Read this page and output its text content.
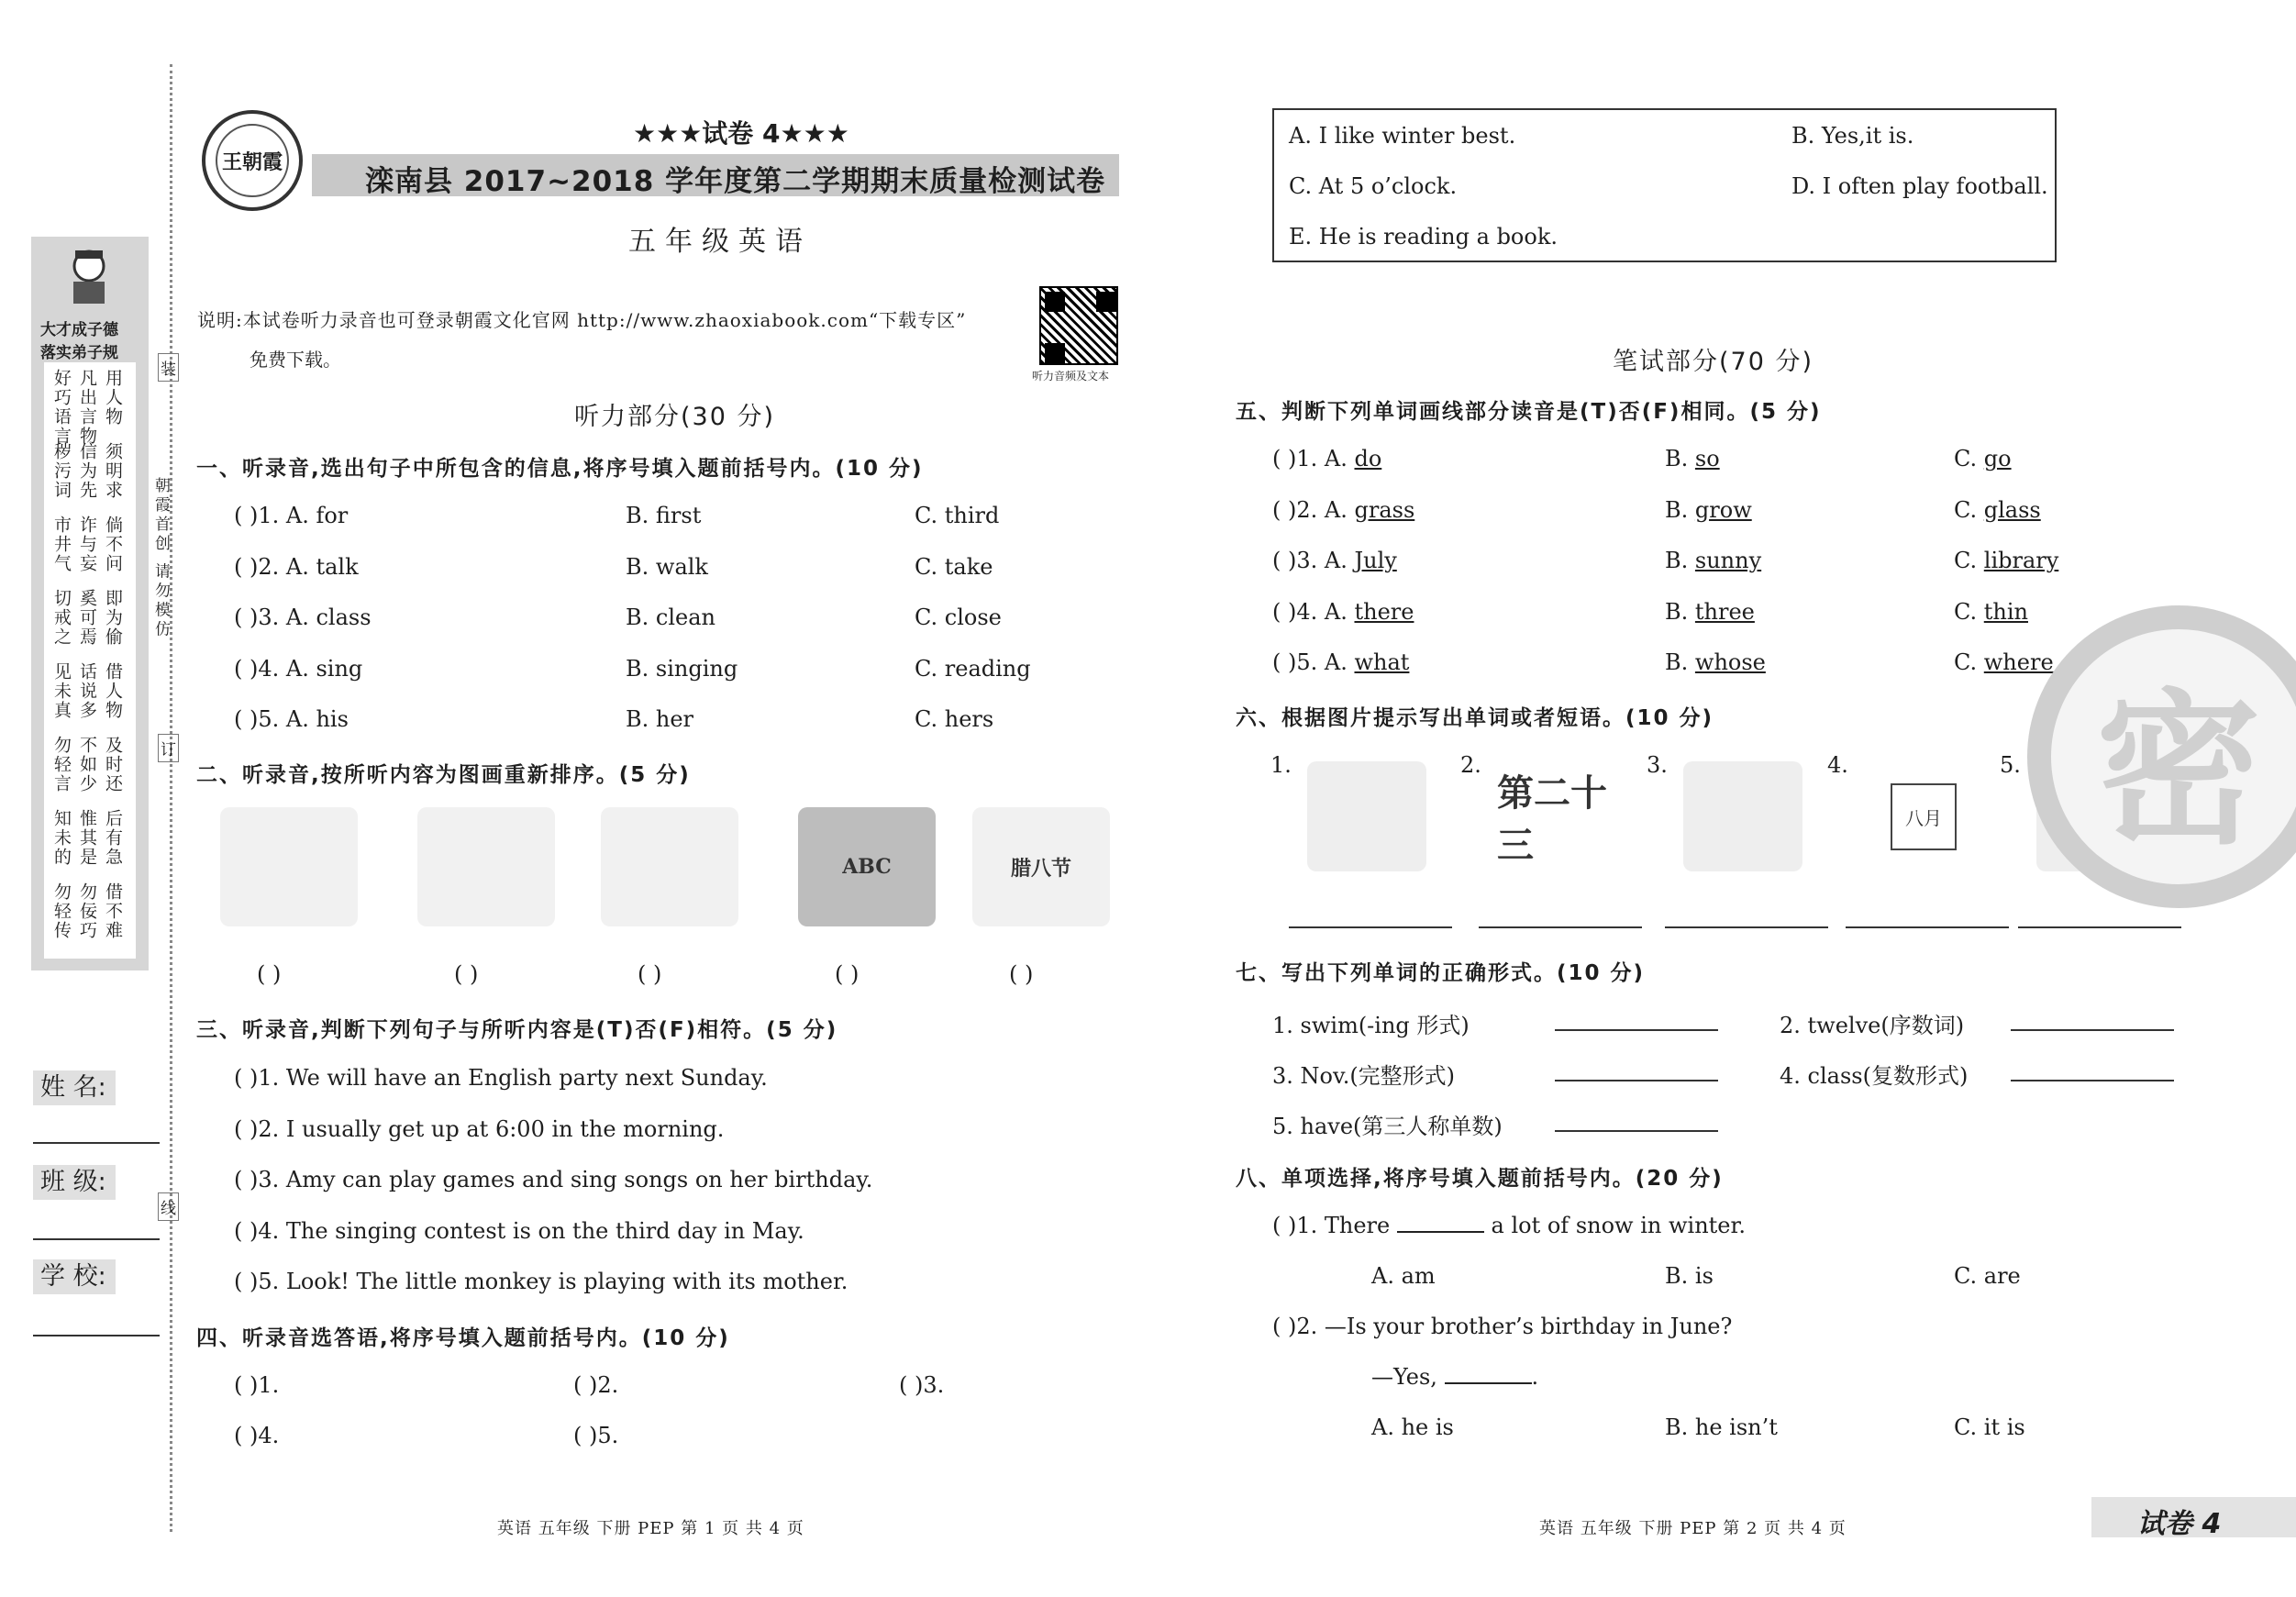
大才成子德
落实弟子规
好巧语言 凡出言物 用人物
秽污词 信为先 须明求
市井气 诈与妄 倘不问
切戒之 奚可焉 即为偷
见未真 话说多 借人物
勿轻言 不如少 及时还
知未的 惟其是 后有急
勿轻传 勿佞巧 借不难
朝霞首创 请勿模仿
装
订
线
姓 名:
班 级:
学 校:
王朝霞
★★★试卷 4★★★
滦南县 2017~2018 学年度第二学期期末质量检测试卷
五年级英语
说明:本试卷听力录音也可登录朝霞文化官网 http://www.zhaoxiabook.com“下载专区”
免费下载。
听力音频及文本
听力部分(30 分)
一、听录音,选出句子中所包含的信息,将序号填入题前括号内。(10 分)
( )1. A. for	B. first	C. third
( )2. A. talk	B. walk	C. take
( )3. A. class	B. clean	C. close
( )4. A. sing	B. singing	C. reading
( )5. A. his	B. her	C. hers
二、听录音,按所听内容为图画重新排序。(5 分)
( )	( )	( )
ABC
( )
腊八节
( )
三、听录音,判断下列句子与所听内容是(T)否(F)相符。(5 分)
( )1. We will have an English party next Sunday.
( )2. I usually get up at 6:00 in the morning.
( )3. Amy can play games and sing songs on her birthday.
( )4. The singing contest is on the third day in May.
( )5. Look! The little monkey is playing with its mother.
四、听录音选答语,将序号填入题前括号内。(10 分)
( )1.	( )2.	( )3.
( )4.	( )5.
英语 五年级 下册 PEP 第 1 页 共 4 页
A. I like winter best.	B. Yes,it is.
C. At 5 o’clock.	D. I often play football.
E. He is reading a book.
笔试部分(70 分)
五、判断下列单词画线部分读音是(T)否(F)相同。(5 分)
( )1. A. do	B. so	C. go
( )2. A. grass	B. grow	C. glass
( )3. A. July	B. sunny	C. library
( )4. A. there	B. three	C. thin
( )5. A. what	B. whose	C. where
六、根据图片提示写出单词或者短语。(10 分)
1.	2.
第二十三
3.	4.
八月
5.
七、写出下列单词的正确形式。(10 分)
1. swim(-ing 形式)	2. twelve(序数词)
3. Nov.(完整形式)	4. class(复数形式)
5. have(第三人称单数)
八、单项选择,将序号填入题前括号内。(20 分)
( )1. There	a lot of snow in winter.
A. am	B. is	C. are
( )2. —Is your brother’s birthday in June?
—Yes,	.
A. he is	B. he isn’t	C. it is
密
英语 五年级 下册 PEP 第 2 页 共 4 页	试卷 4
